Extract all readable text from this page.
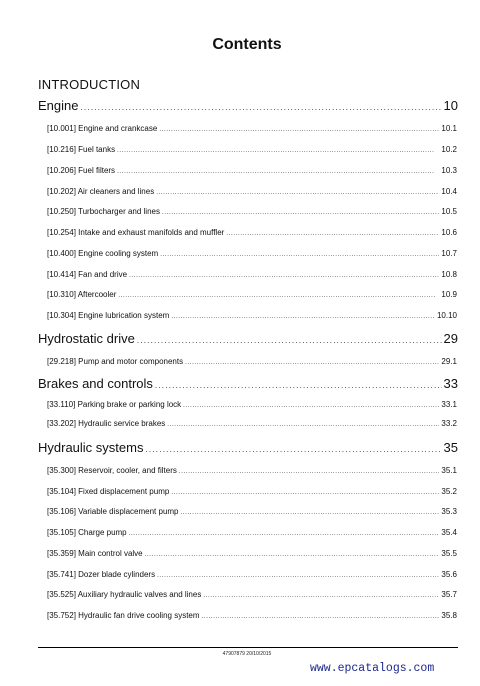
Contents
INTRODUCTION
Engine . . .	10
[10.001] Engine and crankcase . . .	10.1
[10.216] Fuel tanks . . .	10.2
[10.206] Fuel filters . . .	10.3
[10.202] Air cleaners and lines . . .	10.4
[10.250] Turbocharger and lines . . .	10.5
[10.254] Intake and exhaust manifolds and muffler . . .	10.6
[10.400] Engine cooling system . . .	10.7
[10.414] Fan and drive . . .	10.8
[10.310] Aftercooler . . .	10.9
[10.304] Engine lubrication system . . .	10.10
Hydrostatic drive . . .	29
[29.218] Pump and motor components . . .	29.1
Brakes and controls . . .	33
[33.110] Parking brake or parking lock . . .	33.1
[33.202] Hydraulic service brakes . . .	33.2
Hydraulic systems . . .	35
[35.300] Reservoir, cooler, and filters . . .	35.1
[35.104] Fixed displacement pump . . .	35.2
[35.106] Variable displacement pump . . .	35.3
[35.105] Charge pump . . .	35.4
[35.359] Main control valve . . .	35.5
[35.741] Dozer blade cylinders . . .	35.6
[35.525] Auxiliary hydraulic valves and lines . . .	35.7
[35.752] Hydraulic fan drive cooling system . . .	35.8
47907879 20/10/2015
www.epcatalogs.com
